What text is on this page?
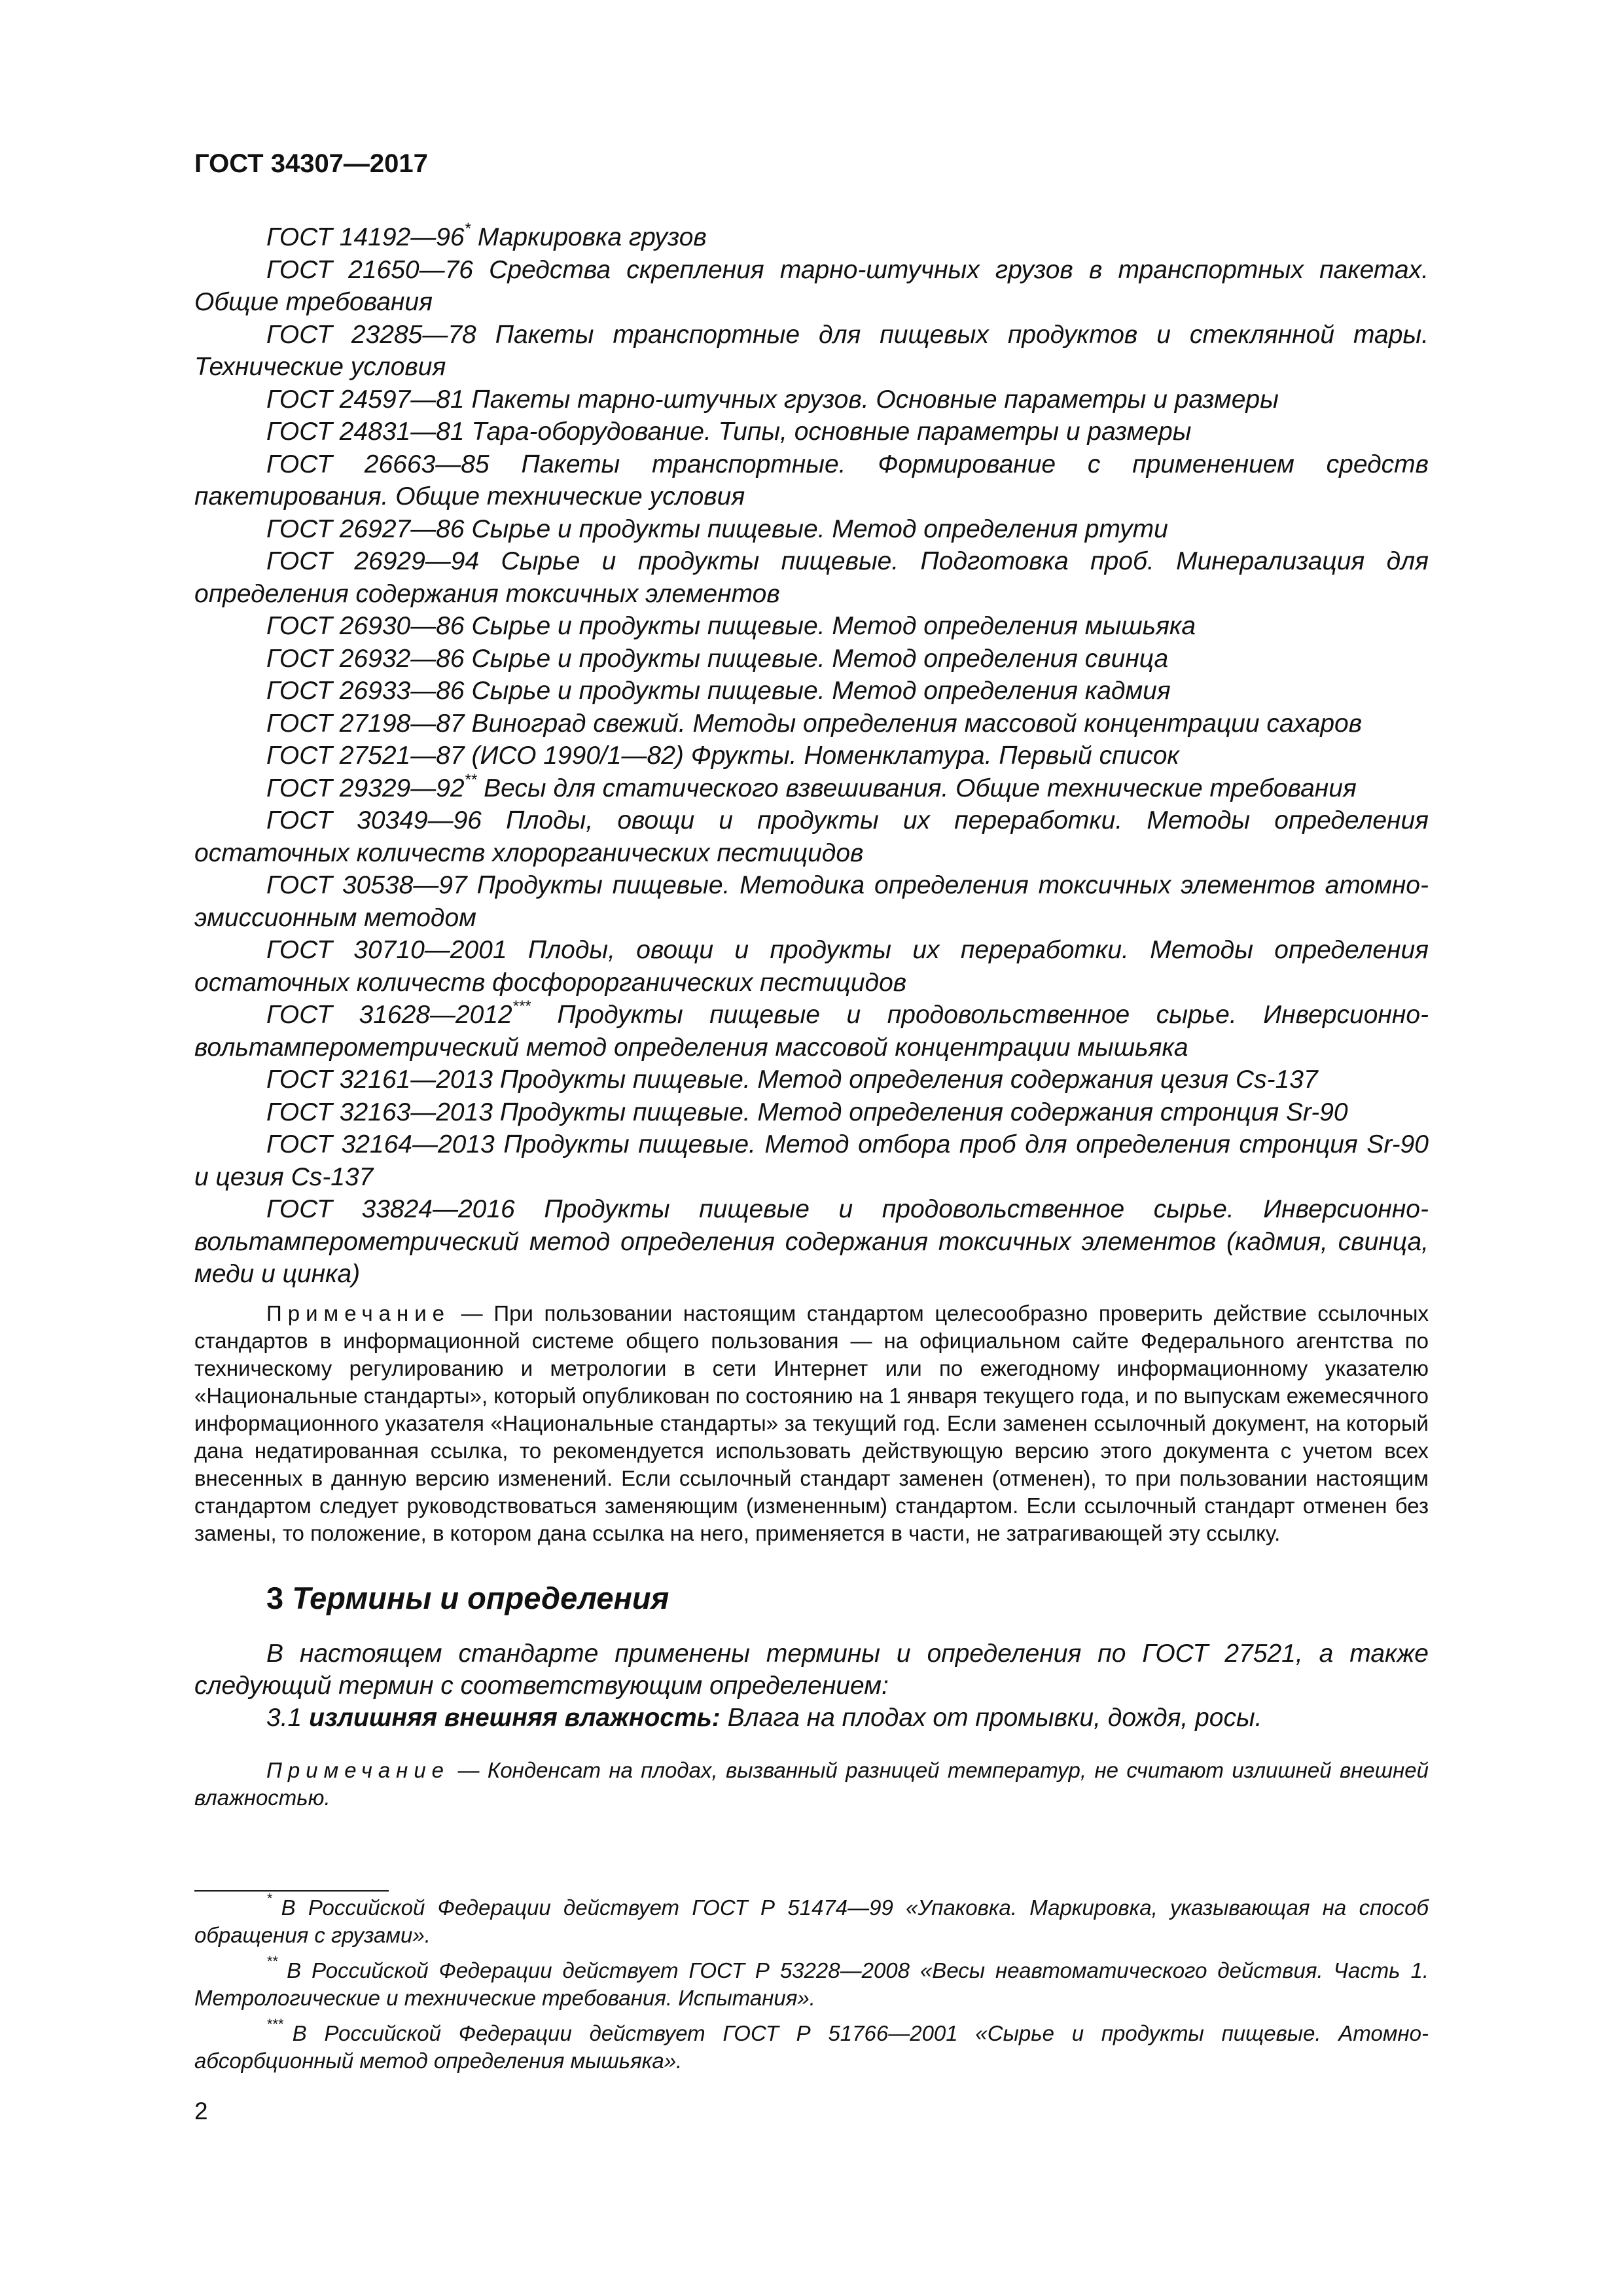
ГОСТ 34307—2017

ГОСТ 14192—96* Маркировка грузов

ГОСТ 21650—76 Средства скрепления тарно-штучных грузов в транспортных пакетах. Общие требования

ГОСТ 23285—78 Пакеты транспортные для пищевых продуктов и стеклянной тары. Технические условия

ГОСТ 24597—81 Пакеты тарно-штучных грузов. Основные параметры и размеры

ГОСТ 24831—81 Тара-оборудование. Типы, основные параметры и размеры

ГОСТ 26663—85 Пакеты транспортные. Формирование с применением средств пакетирования. Общие технические условия

ГОСТ 26927—86 Сырье и продукты пищевые. Метод определения ртути

ГОСТ 26929—94 Сырье и продукты пищевые. Подготовка проб. Минерализация для определения содержания токсичных элементов

ГОСТ 26930—86 Сырье и продукты пищевые. Метод определения мышьяка

ГОСТ 26932—86 Сырье и продукты пищевые. Метод определения свинца

ГОСТ 26933—86 Сырье и продукты пищевые. Метод определения кадмия

ГОСТ 27198—87 Виноград свежий. Методы определения массовой концентрации сахаров

ГОСТ 27521—87 (ИСО 1990/1—82) Фрукты. Номенклатура. Первый список

ГОСТ 29329—92** Весы для статического взвешивания. Общие технические требования

ГОСТ 30349—96 Плоды, овощи и продукты их переработки. Методы определения остаточных количеств хлорорганических пестицидов

ГОСТ 30538—97 Продукты пищевые. Методика определения токсичных элементов атомно-эмиссионным методом

ГОСТ 30710—2001 Плоды, овощи и продукты их переработки. Методы определения остаточных количеств фосфорорганических пестицидов

ГОСТ 31628—2012*** Продукты пищевые и продовольственное сырье. Инверсионно-вольтамперометрический метод определения массовой концентрации мышьяка

ГОСТ 32161—2013 Продукты пищевые. Метод определения содержания цезия Cs-137

ГОСТ 32163—2013 Продукты пищевые. Метод определения содержания стронция Sr-90

ГОСТ 32164—2013 Продукты пищевые. Метод отбора проб для определения стронция Sr-90 и цезия Cs-137

ГОСТ 33824—2016 Продукты пищевые и продовольственное сырье. Инверсионно-вольтамперометрический метод определения содержания токсичных элементов (кадмия, свинца, меди и цинка)

Примечание — При пользовании настоящим стандартом целесообразно проверить действие ссылочных стандартов в информационной системе общего пользования — на официальном сайте Федерального агентства по техническому регулированию и метрологии в сети Интернет или по ежегодному информационному указателю «Национальные стандарты», который опубликован по состоянию на 1 января текущего года, и по выпускам ежемесячного информационного указателя «Национальные стандарты» за текущий год. Если заменен ссылочный документ, на который дана недатированная ссылка, то рекомендуется использовать действующую версию этого документа с учетом всех внесенных в данную версию изменений. Если ссылочный стандарт заменен (отменен), то при пользовании настоящим стандартом следует руководствоваться заменяющим (измененным) стандартом. Если ссылочный стандарт отменен без замены, то положение, в котором дана ссылка на него, применяется в части, не затрагивающей эту ссылку.
3 Термины и определения
В настоящем стандарте применены термины и определения по ГОСТ 27521, а также следующий термин с соответствующим определением:
3.1 излишняя внешняя влажность: Влага на плодах от промывки, дождя, росы.
Примечание — Конденсат на плодах, вызванный разницей температур, не считают излишней внешней влажностью.

* В Российской Федерации действует ГОСТ Р 51474—99 «Упаковка. Маркировка, указывающая на способ обращения с грузами».

** В Российской Федерации действует ГОСТ Р 53228—2008 «Весы неавтоматического действия. Часть 1. Метрологические и технические требования. Испытания».

*** В Российской Федерации действует ГОСТ Р 51766—2001 «Сырье и продукты пищевые. Атомно-абсорбционный метод определения мышьяка».

2
